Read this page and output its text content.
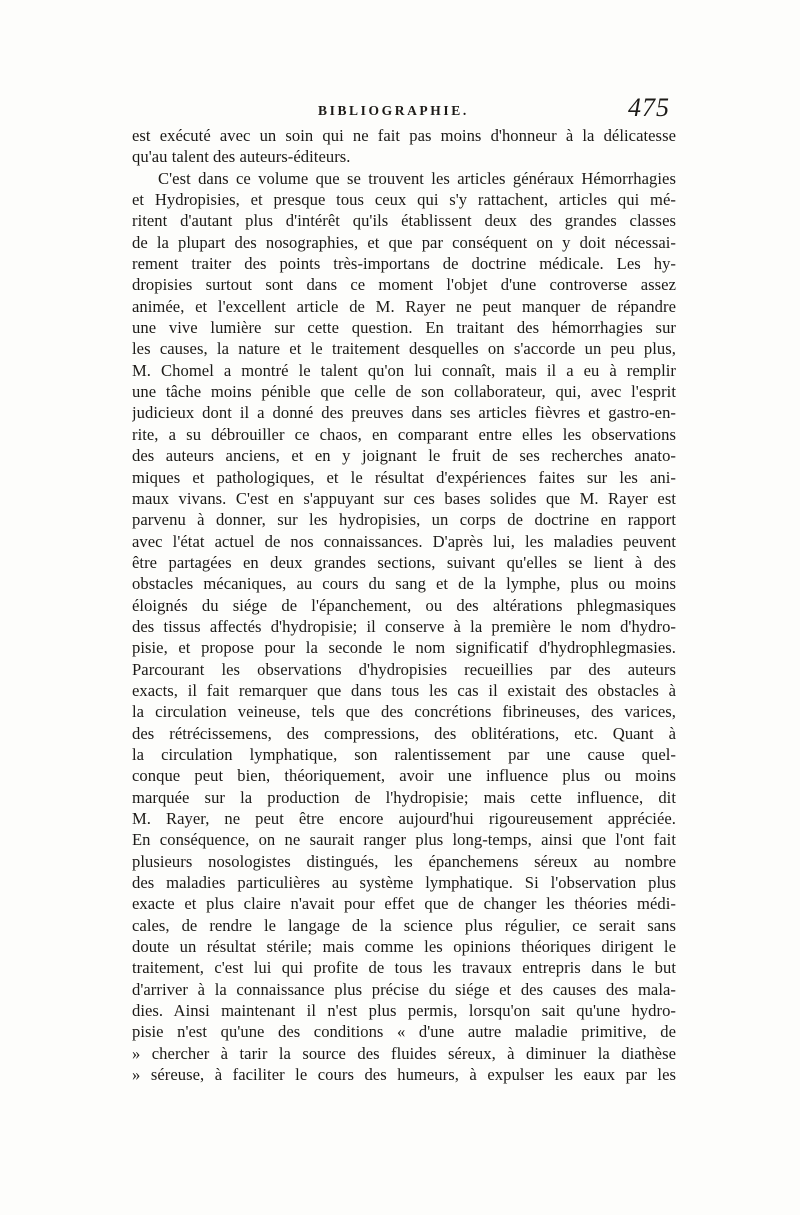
BIBLIOGRAPHIE.	475
est exécuté avec un soin qui ne fait pas moins d'honneur à la délicatesse
qu'au talent des auteurs-éditeurs.
C'est dans ce volume que se trouvent les articles généraux Hémorrhagies
et Hydropisies, et presque tous ceux qui s'y rattachent, articles qui mé-
ritent d'autant plus d'intérêt qu'ils établissent deux des grandes classes
de la plupart des nosographies, et que par conséquent on y doit nécessai-
rement traiter des points très-importans de doctrine médicale. Les hy-
dropisies surtout sont dans ce moment l'objet d'une controverse assez
animée, et l'excellent article de M. Rayer ne peut manquer de répandre
une vive lumière sur cette question. En traitant des hémorrhagies sur
les causes, la nature et le traitement desquelles on s'accorde un peu plus,
M. Chomel a montré le talent qu'on lui connaît, mais il a eu à remplir
une tâche moins pénible que celle de son collaborateur, qui, avec l'esprit
judicieux dont il a donné des preuves dans ses articles fièvres et gastro-en-
rite, a su débrouiller ce chaos, en comparant entre elles les observations
des auteurs anciens, et en y joignant le fruit de ses recherches anato-
miques et pathologiques, et le résultat d'expériences faites sur les ani-
maux vivans. C'est en s'appuyant sur ces bases solides que M. Rayer est
parvenu à donner, sur les hydropisies, un corps de doctrine en rapport
avec l'état actuel de nos connaissances. D'après lui, les maladies peuvent
être partagées en deux grandes sections, suivant qu'elles se lient à des
obstacles mécaniques, au cours du sang et de la lymphe, plus ou moins
éloignés du siége de l'épanchement, ou des altérations phlegmasiques
des tissus affectés d'hydropisie; il conserve à la première le nom d'hydro-
pisie, et propose pour la seconde le nom significatif d'hydrophlegmasies.
Parcourant les observations d'hydropisies recueillies par des auteurs
exacts, il fait remarquer que dans tous les cas il existait des obstacles à
la circulation veineuse, tels que des concrétions fibrineuses, des varices,
des rétrécissemens, des compressions, des oblitérations, etc. Quant à
la circulation lymphatique, son ralentissement par une cause quel-
conque peut bien, théoriquement, avoir une influence plus ou moins
marquée sur la production de l'hydropisie; mais cette influence, dit
M. Rayer, ne peut être encore aujourd'hui rigoureusement appréciée.
En conséquence, on ne saurait ranger plus long-temps, ainsi que l'ont fait
plusieurs nosologistes distingués, les épanchemens séreux au nombre
des maladies particulières au système lymphatique. Si l'observation plus
exacte et plus claire n'avait pour effet que de changer les théories médi-
cales, de rendre le langage de la science plus régulier, ce serait sans
doute un résultat stérile; mais comme les opinions théoriques dirigent le
traitement, c'est lui qui profite de tous les travaux entrepris dans le but
d'arriver à la connaissance plus précise du siége et des causes des mala-
dies. Ainsi maintenant il n'est plus permis, lorsqu'on sait qu'une hydro-
pisie n'est qu'une des conditions « d'une autre maladie primitive, de
» chercher à tarir la source des fluides séreux, à diminuer la diathèse
» séreuse, à faciliter le cours des humeurs, à expulser les eaux par les
